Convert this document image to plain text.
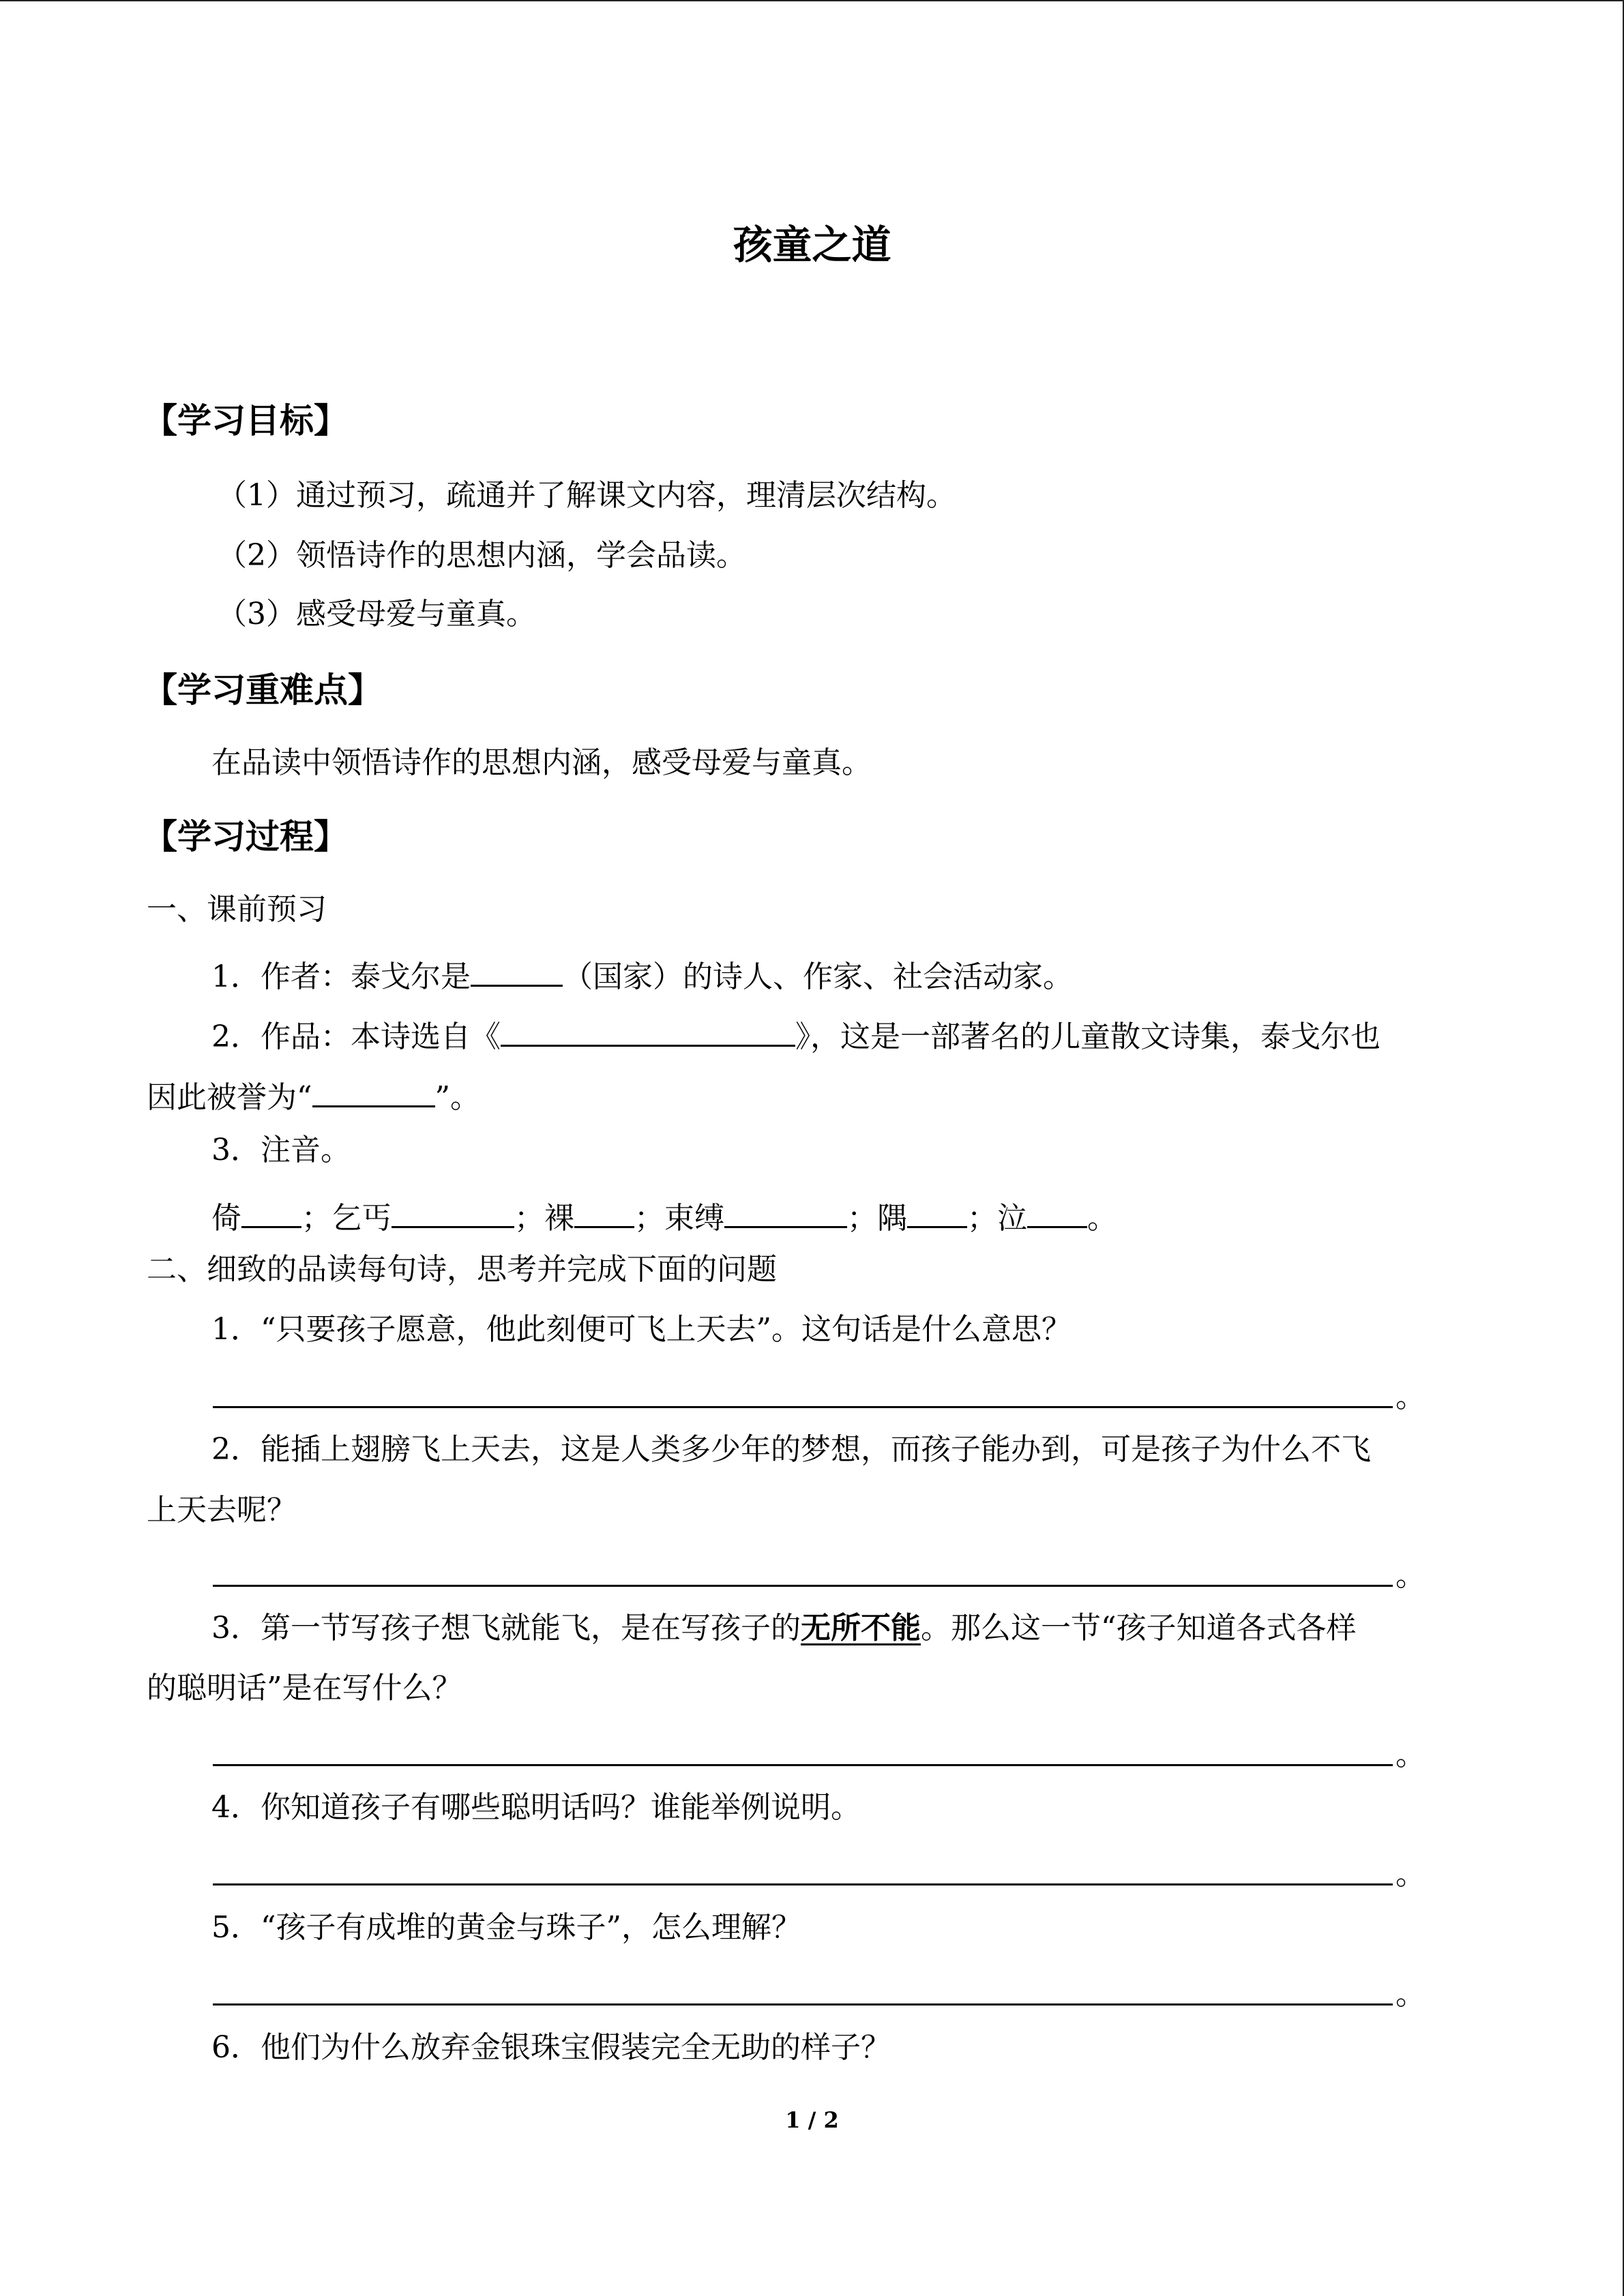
孩童之道
【学习目标】
（1）通过预习，疏通并了解课文内容，理清层次结构。
（2）领悟诗作的思想内涵，学会品读。
（3）感受母爱与童真。
【学习重难点】
在品读中领悟诗作的思想内涵，感受母爱与童真。
【学习过程】
一、课前预习
1．作者：泰戈尔是	（国家）的诗人、作家、社会活动家。
2．作品：本诗选自《	》，这是一部著名的儿童散文诗集，泰戈尔也
因此被誉为“	”。
3．注音。
倚 ；乞丐	；裸 ；束缚	；隅 ；泣 。
二、细致的品读每句诗，思考并完成下面的问题
1．“只要孩子愿意，他此刻便可飞上天去”。这句话是什么意思？
。
2．能插上翅膀飞上天去，这是人类多少年的梦想，而孩子能办到，可是孩子为什么不飞
上天去呢？
。
3．第一节写孩子想飞就能飞，是在写孩子的无所不能。那么这一节“孩子知道各式各样
的聪明话”是在写什么？
。
4．你知道孩子有哪些聪明话吗？谁能举例说明。
。
5．“孩子有成堆的黄金与珠子”，怎么理解？
。
6．他们为什么放弃金银珠宝假装完全无助的样子？
1 / 2
